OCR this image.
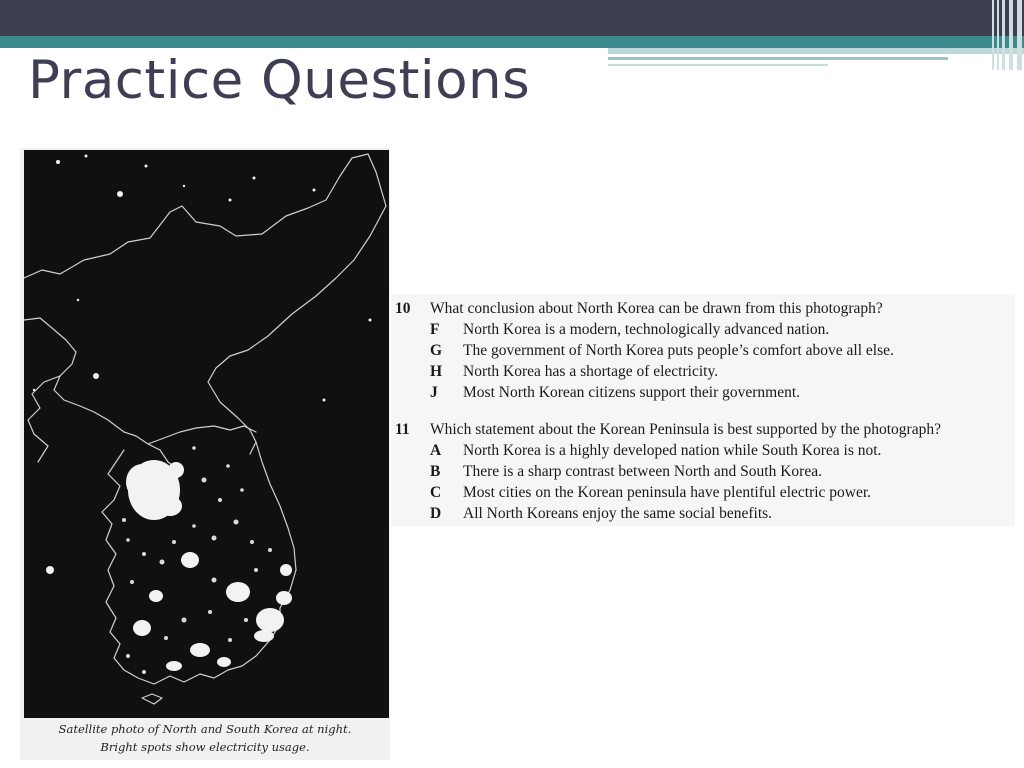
Practice Questions
Satellite photo of North and South Korea at night.
Bright spots show electricity usage.
10 What conclusion about North Korea can be drawn from this photograph?
F North Korea is a modern, technologically advanced nation.
G The government of North Korea puts people’s comfort above all else.
H North Korea has a shortage of electricity.
J Most North Korean citizens support their government.
11 Which statement about the Korean Peninsula is best supported by the photograph?
A North Korea is a highly developed nation while South Korea is not.
B There is a sharp contrast between North and South Korea.
C Most cities on the Korean peninsula have plentiful electric power.
D All North Koreans enjoy the same social benefits.
